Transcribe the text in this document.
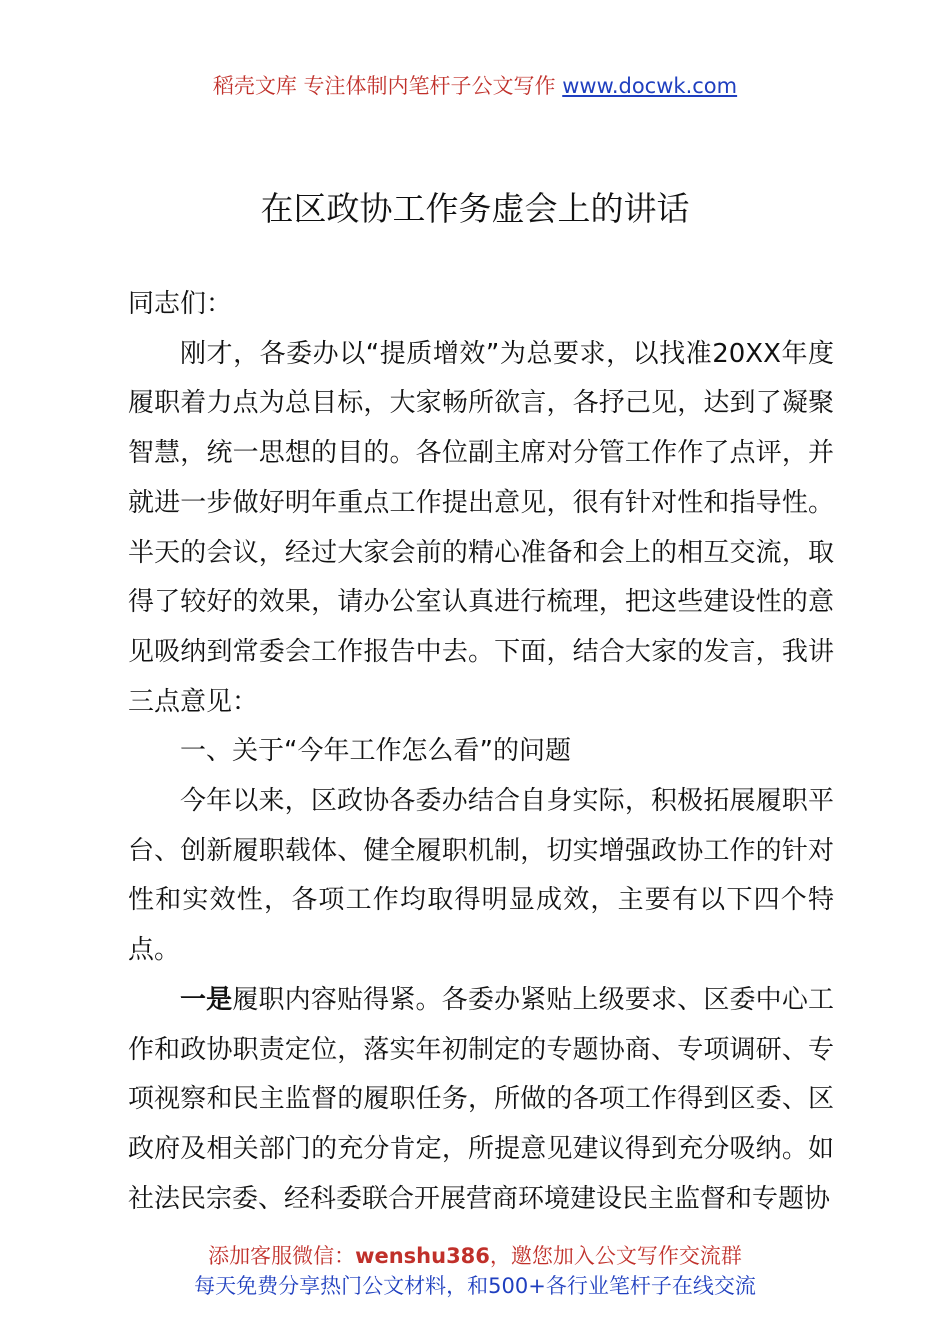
稻壳文库 专注体制内笔杆子公文写作 www.docwk.com
在区政协工作务虚会上的讲话

同志们：

刚才，各委办以“提质增效”为总要求，以找准20XX年度履职着力点为总目标，大家畅所欲言，各抒己见，达到了凝聚智慧，统一思想的目的。各位副主席对分管工作作了点评，并就进一步做好明年重点工作提出意见，很有针对性和指导性。半天的会议，经过大家会前的精心准备和会上的相互交流，取得了较好的效果，请办公室认真进行梳理，把这些建设性的意见吸纳到常委会工作报告中去。下面，结合大家的发言，我讲三点意见：

一、关于“今年工作怎么看”的问题

今年以来，区政协各委办结合自身实际，积极拓展履职平台、创新履职载体、健全履职机制，切实增强政协工作的针对性和实效性，各项工作均取得明显成效，主要有以下四个特点。

一是履职内容贴得紧。各委办紧贴上级要求、区委中心工作和政协职责定位，落实年初制定的专题协商、专项调研、专项视察和民主监督的履职任务，所做的各项工作得到区委、区政府及相关部门的充分肯定，所提意见建议得到充分吸纳。如社法民宗委、经科委联合开展营商环境建设民主监督和专题协

添加客服微信：wenshu386，邀您加入公文写作交流群
每天免费分享热门公文材料，和500+各行业笔杆子在线交流
